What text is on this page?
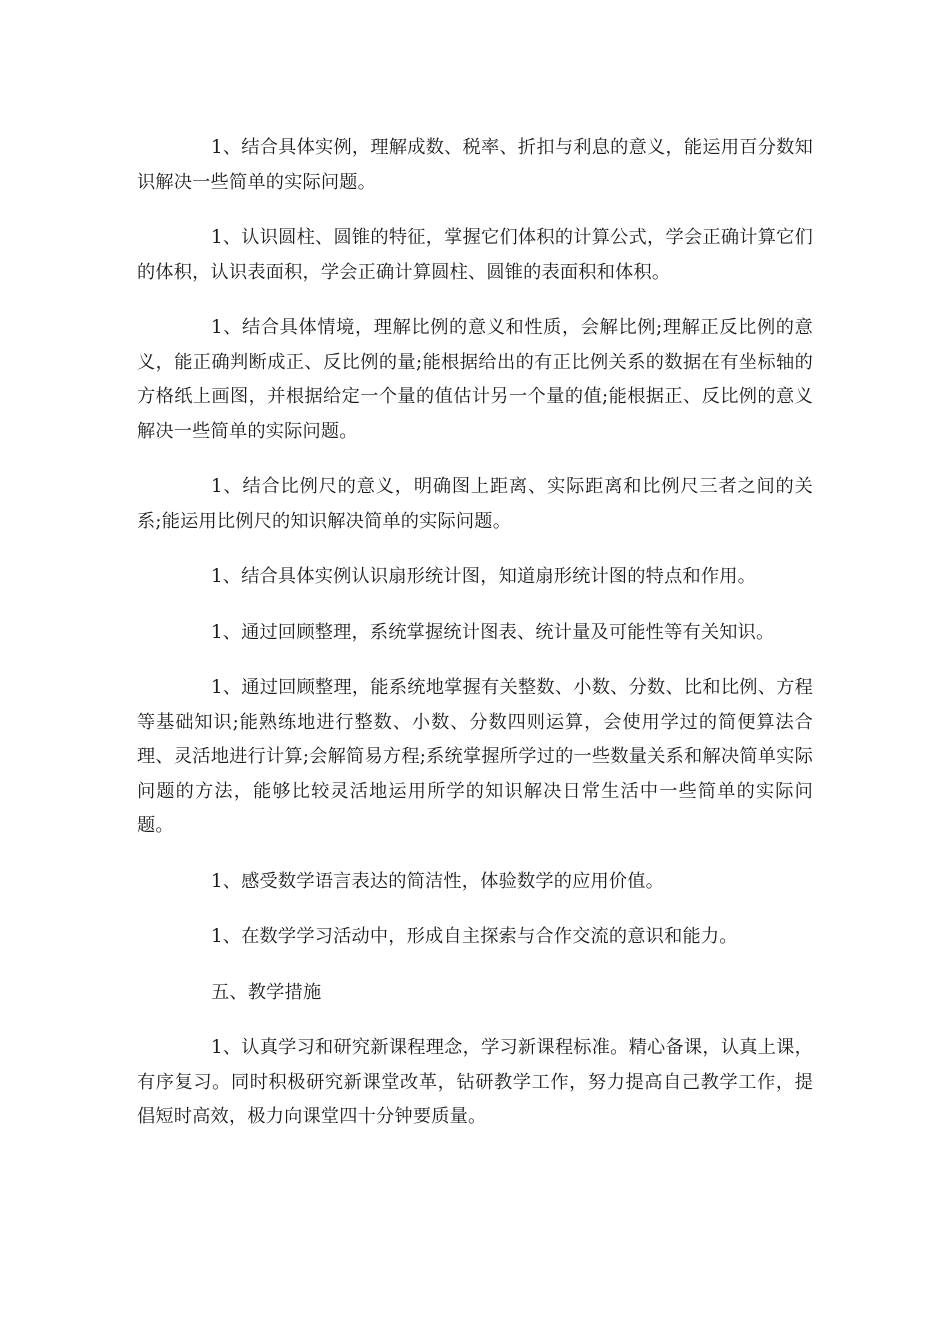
1、结合具体实例，理解成数、税率、折扣与利息的意义，能运用百分数知识解决一些简单的实际问题。

1、认识圆柱、圆锥的特征，掌握它们体积的计算公式，学会正确计算它们的体积，认识表面积，学会正确计算圆柱、圆锥的表面积和体积。

1、结合具体情境，理解比例的意义和性质，会解比例;理解正反比例的意义，能正确判断成正、反比例的量;能根据给出的有正比例关系的数据在有坐标轴的方格纸上画图，并根据给定一个量的值估计另一个量的值;能根据正、反比例的意义 解决一些简单的实际问题。

1、结合比例尺的意义，明确图上距离、实际距离和比例尺三者之间的关系;能运用比例尺的知识解决简单的实际问题。

1、结合具体实例认识扇形统计图，知道扇形统计图的特点和作用。

1、通过回顾整理，系统掌握统计图表、统计量及可能性等有关知识。

1、通过回顾整理，能系统地掌握有关整数、小数、分数、比和比例、方程等基础知识;能熟练地进行整数、小数、分数四则运算，会使用学过的简便算法合理、灵活地进行计算;会解简易方程;系统掌握所学过的一些数量关系和解决简单实际问题的方法，能够比较灵活地运用所学的知识解决日常生活中一些简单的实际问题。

1、感受数学语言表达的简洁性，体验数学的应用价值。

1、在数学学习活动中，形成自主探索与合作交流的意识和能力。

五、教学措施

1、认真学习和研究新课程理念，学习新课程标准。精心备课，认真上课，有序复习。同时积极研究新课堂改革，钻研教学工作，努力提高自己教学工作，提倡短时高效，极力向课堂四十分钟要质量。
